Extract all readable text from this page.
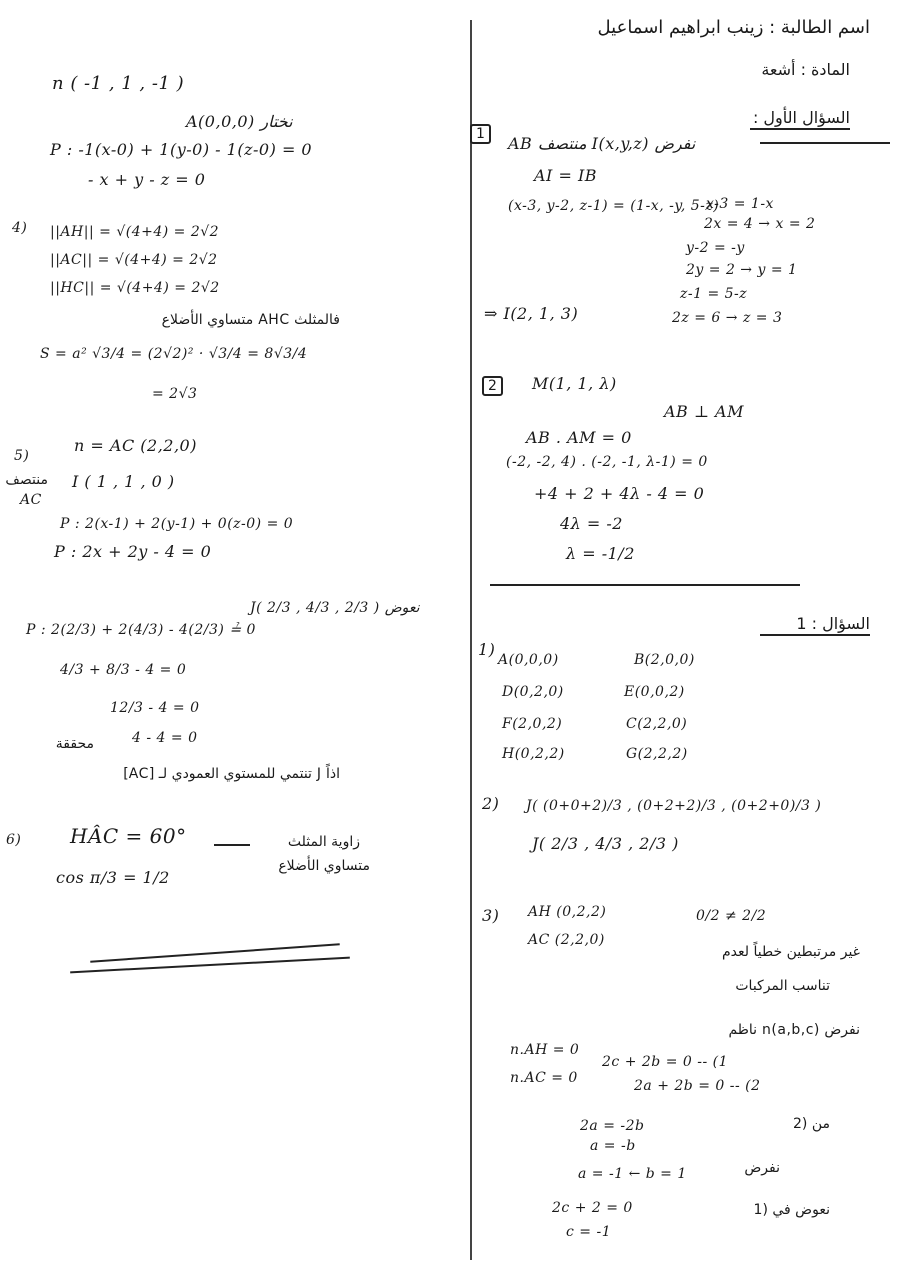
اسم الطالبة : زينب ابراهيم اسماعيل
المادة : أشعة
السؤال الأول :
1	AB منتصف I(x,y,z) نفرض
AI = IB
(x-3, y-2, z-1) = (1-x, -y, 5-z)
x-3 = 1-x
2x = 4 → x = 2
y-2 = -y
2y = 2 → y = 1
z-1 = 5-z
2z = 6 → z = 3
⇒ I(2, 1, 3)
2	M(1, 1, λ)
AB ⊥ AM
AB . AM = 0
(-2, -2, 4) . (-2, -1, λ-1) = 0
+4 + 2 + 4λ - 4 = 0
4λ = -2
λ = -1/2
السؤال : 1
1)
A(0,0,0)	B(2,0,0)
D(0,2,0)	E(0,0,2)
F(2,0,2)	C(2,2,0)
H(0,2,2)	G(2,2,2)
2) J( (0+0+2)/3 , (0+2+2)/3 , (0+2+0)/3 )
J( 2/3 , 4/3 , 2/3 )
3) AH (0,2,2)
AC (2,2,0)
0/2 ≠ 2/2
غير مرتبطين خطياً لعدم
تناسب المركبات
نفرض n(a,b,c) ناظم
n.AH = 0
n.AC = 0
2c + 2b = 0 -- (1
2a + 2b = 0 -- (2
2a = -2b
a = -b
من (2
a = -1 ← b = 1	نفرض
2c + 2 = 0
c = -1
نعوض في (1
n ( -1 , 1 , -1 )
A(0,0,0) نختار
P : -1(x-0) + 1(y-0) - 1(z-0) = 0
- x + y - z = 0
4) ||AH|| = √(4+4) = 2√2
||AC|| = √(4+4) = 2√2
||HC|| = √(4+4) = 2√2
فالمثلث AHC متساوي الأضلاع
S = a² √3/4 = (2√2)² · √3/4 = 8√3/4
= 2√3
5)
n = AC (2,2,0)
I ( 1 , 1 , 0 )
منتصف
AC
P : 2(x-1) + 2(y-1) + 0(z-0) = 0
P : 2x + 2y - 4 = 0
J( 2/3 , 4/3 , 2/3 ) نعوض
P : 2(2/3) + 2(4/3) - 4(2/3) ≟ 0
4/3 + 8/3 - 4 = 0
12/3 - 4 = 0
4 - 4 = 0
محققة
اذاً J تنتمي للمستوي العمودي لـ [AC]
6) HÂC = 60°
cos π/3 = 1/2
زاوية المثلث
متساوي الأضلاع
